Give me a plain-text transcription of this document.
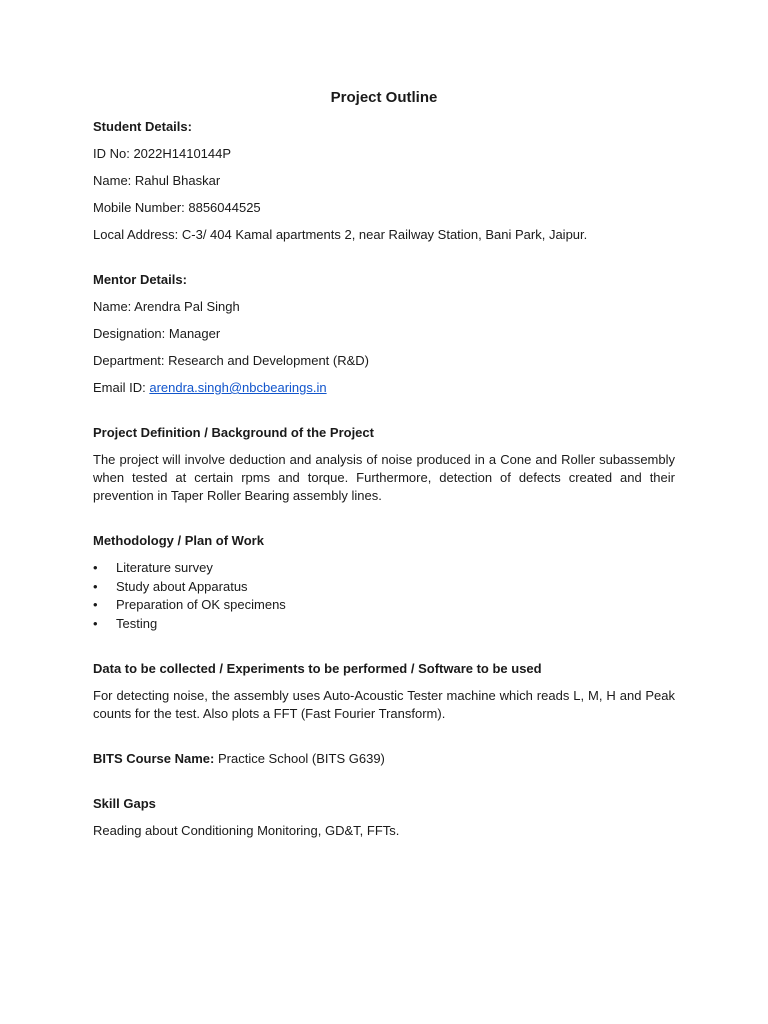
Project Outline
Student Details:
ID No: 2022H1410144P
Name: Rahul Bhaskar
Mobile Number: 8856044525
Local Address: C-3/ 404 Kamal apartments 2, near Railway Station, Bani Park, Jaipur.
Mentor Details:
Name: Arendra Pal Singh
Designation: Manager
Department: Research and Development (R&D)
Email ID: arendra.singh@nbcbearings.in
Project Definition / Background of the Project
The project will involve deduction and analysis of noise produced in a Cone and Roller subassembly when tested at certain rpms and torque. Furthermore, detection of defects created and their prevention in Taper Roller Bearing assembly lines.
Methodology / Plan of Work
• Literature survey
• Study about Apparatus
• Preparation of OK specimens
• Testing
Data to be collected / Experiments to be performed / Software to be used
For detecting noise, the assembly uses Auto-Acoustic Tester machine which reads L, M, H and Peak counts for the test. Also plots a FFT (Fast Fourier Transform).
BITS Course Name: Practice School (BITS G639)
Skill Gaps
Reading about Conditioning Monitoring, GD&T, FFTs.
